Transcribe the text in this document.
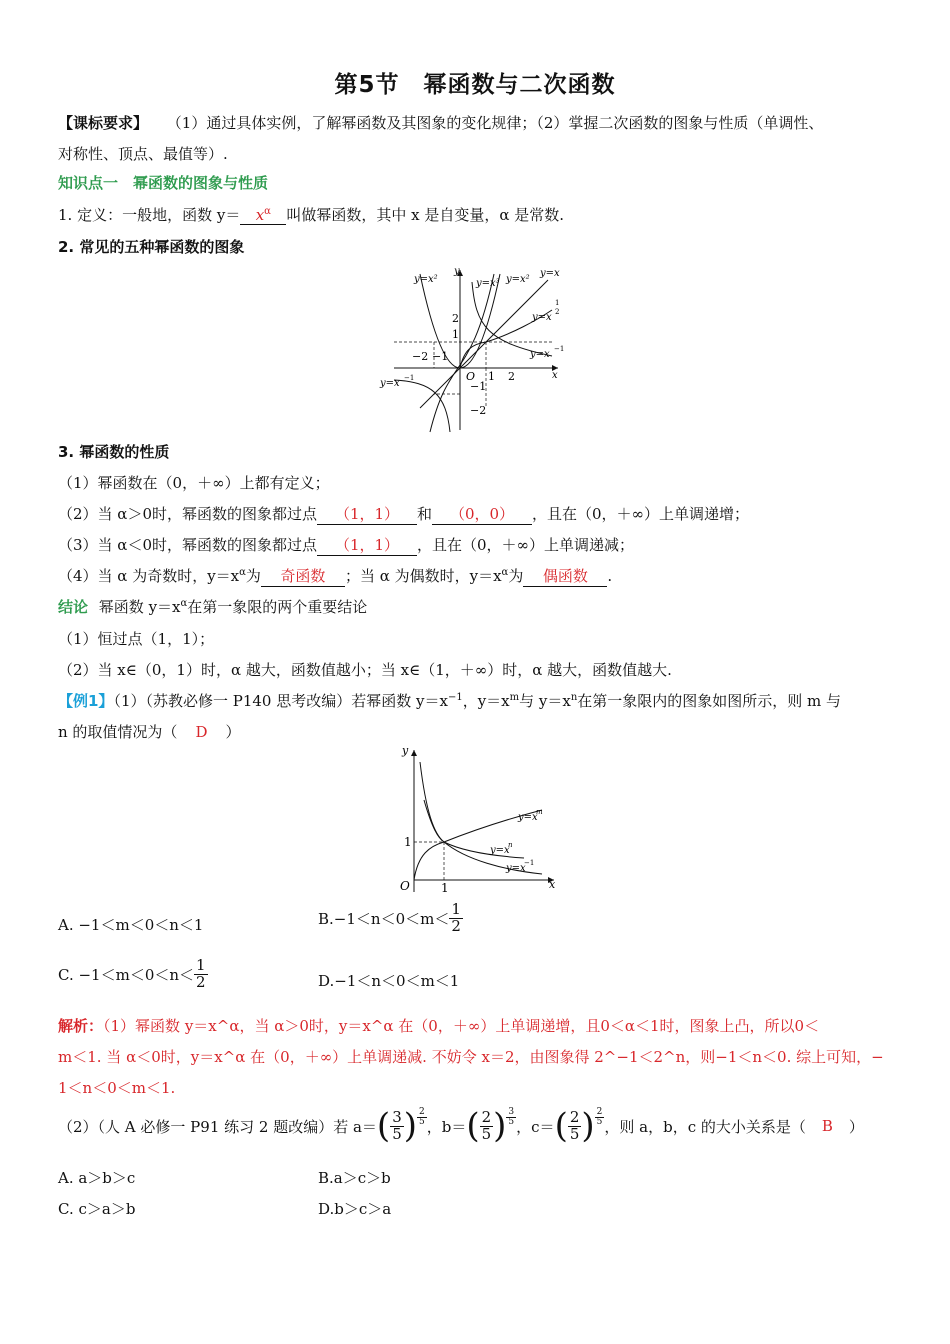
第5节　幂函数与二次函数
【课标要求】 （1）通过具体实例，了解幂函数及其图象的变化规律；（2）掌握二次函数的图象与性质（单调性、
对称性、顶点、最值等）.
知识点一　幂函数的图象与性质
1. 定义：一般地，函数 $y= x^\alpha$ 叫做幂函数，其中 x 是自变量，α 是常数.
2. 常见的五种幂函数的图象
y=x²	y=x³ y=x²
y=x
y=x
1
2
y=x −1
y=x −1
2
1
−2 −1
O 1 2
−1
−2
x
y
3. 幂函数的性质
（1）幂函数在（0，＋∞）上都有定义；
（2）当 α＞0时，幂函数的图象都过点 （1，1） 和 （0，0） ，且在（0，＋∞）上单调递增；
（3）当 α＜0时，幂函数的图象都过点 （1，1） ，且在（0，＋∞）上单调递减；
（4）当 α 为奇数时，$y=x^\alpha$为 奇函数 ；当 α 为偶数时，$y=x^\alpha$为 偶函数 .
结论 幂函数 $y=x^\alpha$在第一象限的两个重要结论
（1）恒过点（1，1）；
（2）当 x∈（0，1）时，α 越大，函数值越小；当 x∈（1，＋∞）时，α 越大，函数值越大.
【例1】（1）（苏教必修一 P140 思考改编）若幂函数 $y=x^{-1}$，$y=x^m$与 $y=x^n$在第一象限内的图象如图所示，则 m 与
n 的取值情况为（ D ）
y=x
m
y=x
n
y=x
−1
y
x
O	1
1
A. −1＜m＜0＜n＜1	$B.-1<n<0<m< \frac{1}{2}$
C. $-1<m<0<n< \frac{1}{2}$	D.−1＜n＜0＜m＜1
解析：（1）幂函数 y＝x^α，当 α＞0时，y＝x^α 在（0，＋∞）上单调递增，且0＜α＜1时，图象上凸，所以0＜
m＜1. 当 α＜0时，y＝x^α 在（0，＋∞）上单调递减. 不妨令 x＝2，由图象得 2^−1＜2^n，则−1＜n＜0. 综上可知，−
1＜n＜0＜m＜1.
（2）（人 A 必修一 P91 练习 2 题改编）若 a＝ ( $\frac{3}{5}$ ) $\frac{2}{5}$ ，b＝ ( $\frac{2}{5}$ ) $\frac{3}{5}$ ，c＝ ( $\frac{2}{5}$ ) $\frac{2}{5}$ ，则 a，b，c 的大小关系是（ B ）
A. a＞b＞c	B.a＞c＞b
C. c＞a＞b	D.b＞c＞a
